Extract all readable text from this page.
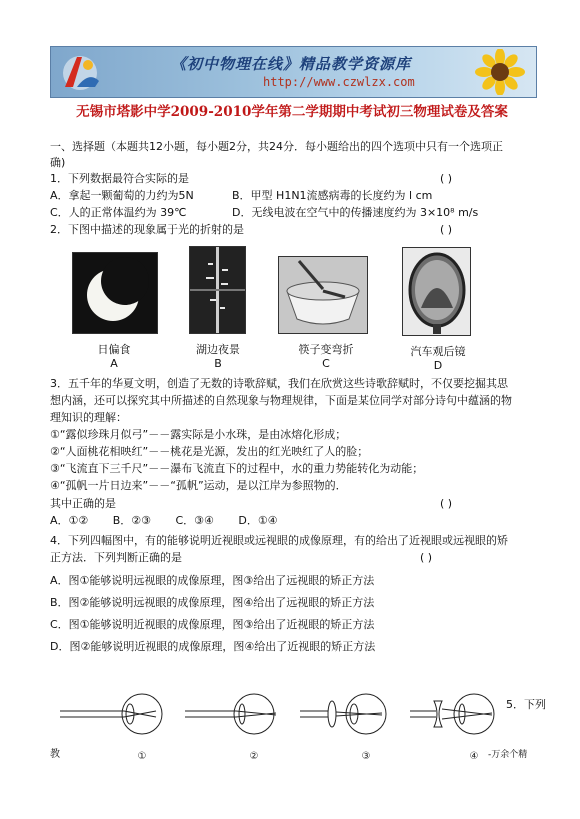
《初中物理在线》精品教学资源库
http://www.czwlzx.com
无锡市塔影中学2009-2010学年第二学期期中考试初三物理试卷及答案
一、选择题（本题共12小题，每小题2分，共24分．每小题给出的四个选项中只有一个选项正
确)
1．下列数据最符合实际的是	( )
A．拿起一颗葡萄的力约为5N	B．甲型 H1N1流感病毒的长度约为 l cm
C．人的正常体温约为 39℃	D．无线电波在空气中的传播速度约为 3×10⁸ m/s
2．下图中描述的现象属于光的折射的是	( )
日偏食	湖边夜景	筷子变弯折	汽车观后镜
A	B	C	D
3．五千年的华夏文明，创造了无数的诗歌辞赋，我们在欣赏这些诗歌辞赋时，不仅要挖掘其思
想内涵，还可以探究其中所描述的自然现象与物理规律，下面是某位同学对部分诗句中蕴涵的物
理知识的理解：
①“露似珍珠月似弓”－－露实际是小水珠，是由冰熔化形成；
②“人面桃花相映红”－－桃花是光源，发出的红光映红了人的脸；
③“飞流直下三千尺”－－瀑布飞流直下的过程中，水的重力势能转化为动能；
④“孤帆一片日边来”－－“孤帆”运动，是以江岸为参照物的．
其中正确的是	( )
A．①②       B．②③       C．③④       D．①④
4．下列四幅图中，有的能够说明近视眼或远视眼的成像原理，有的给出了近视眼或远视眼的矫
正方法．下列判断正确的是	( )
A．图①能够说明远视眼的成像原理，图③给出了远视眼的矫正方法
B．图②能够说明远视眼的成像原理，图④给出了远视眼的矫正方法
C．图①能够说明近视眼的成像原理，图③给出了近视眼的矫正方法
D．图②能够说明近视眼的成像原理，图④给出了近视眼的矫正方法
①	②	③	④
5．下列
教	-万余个精
